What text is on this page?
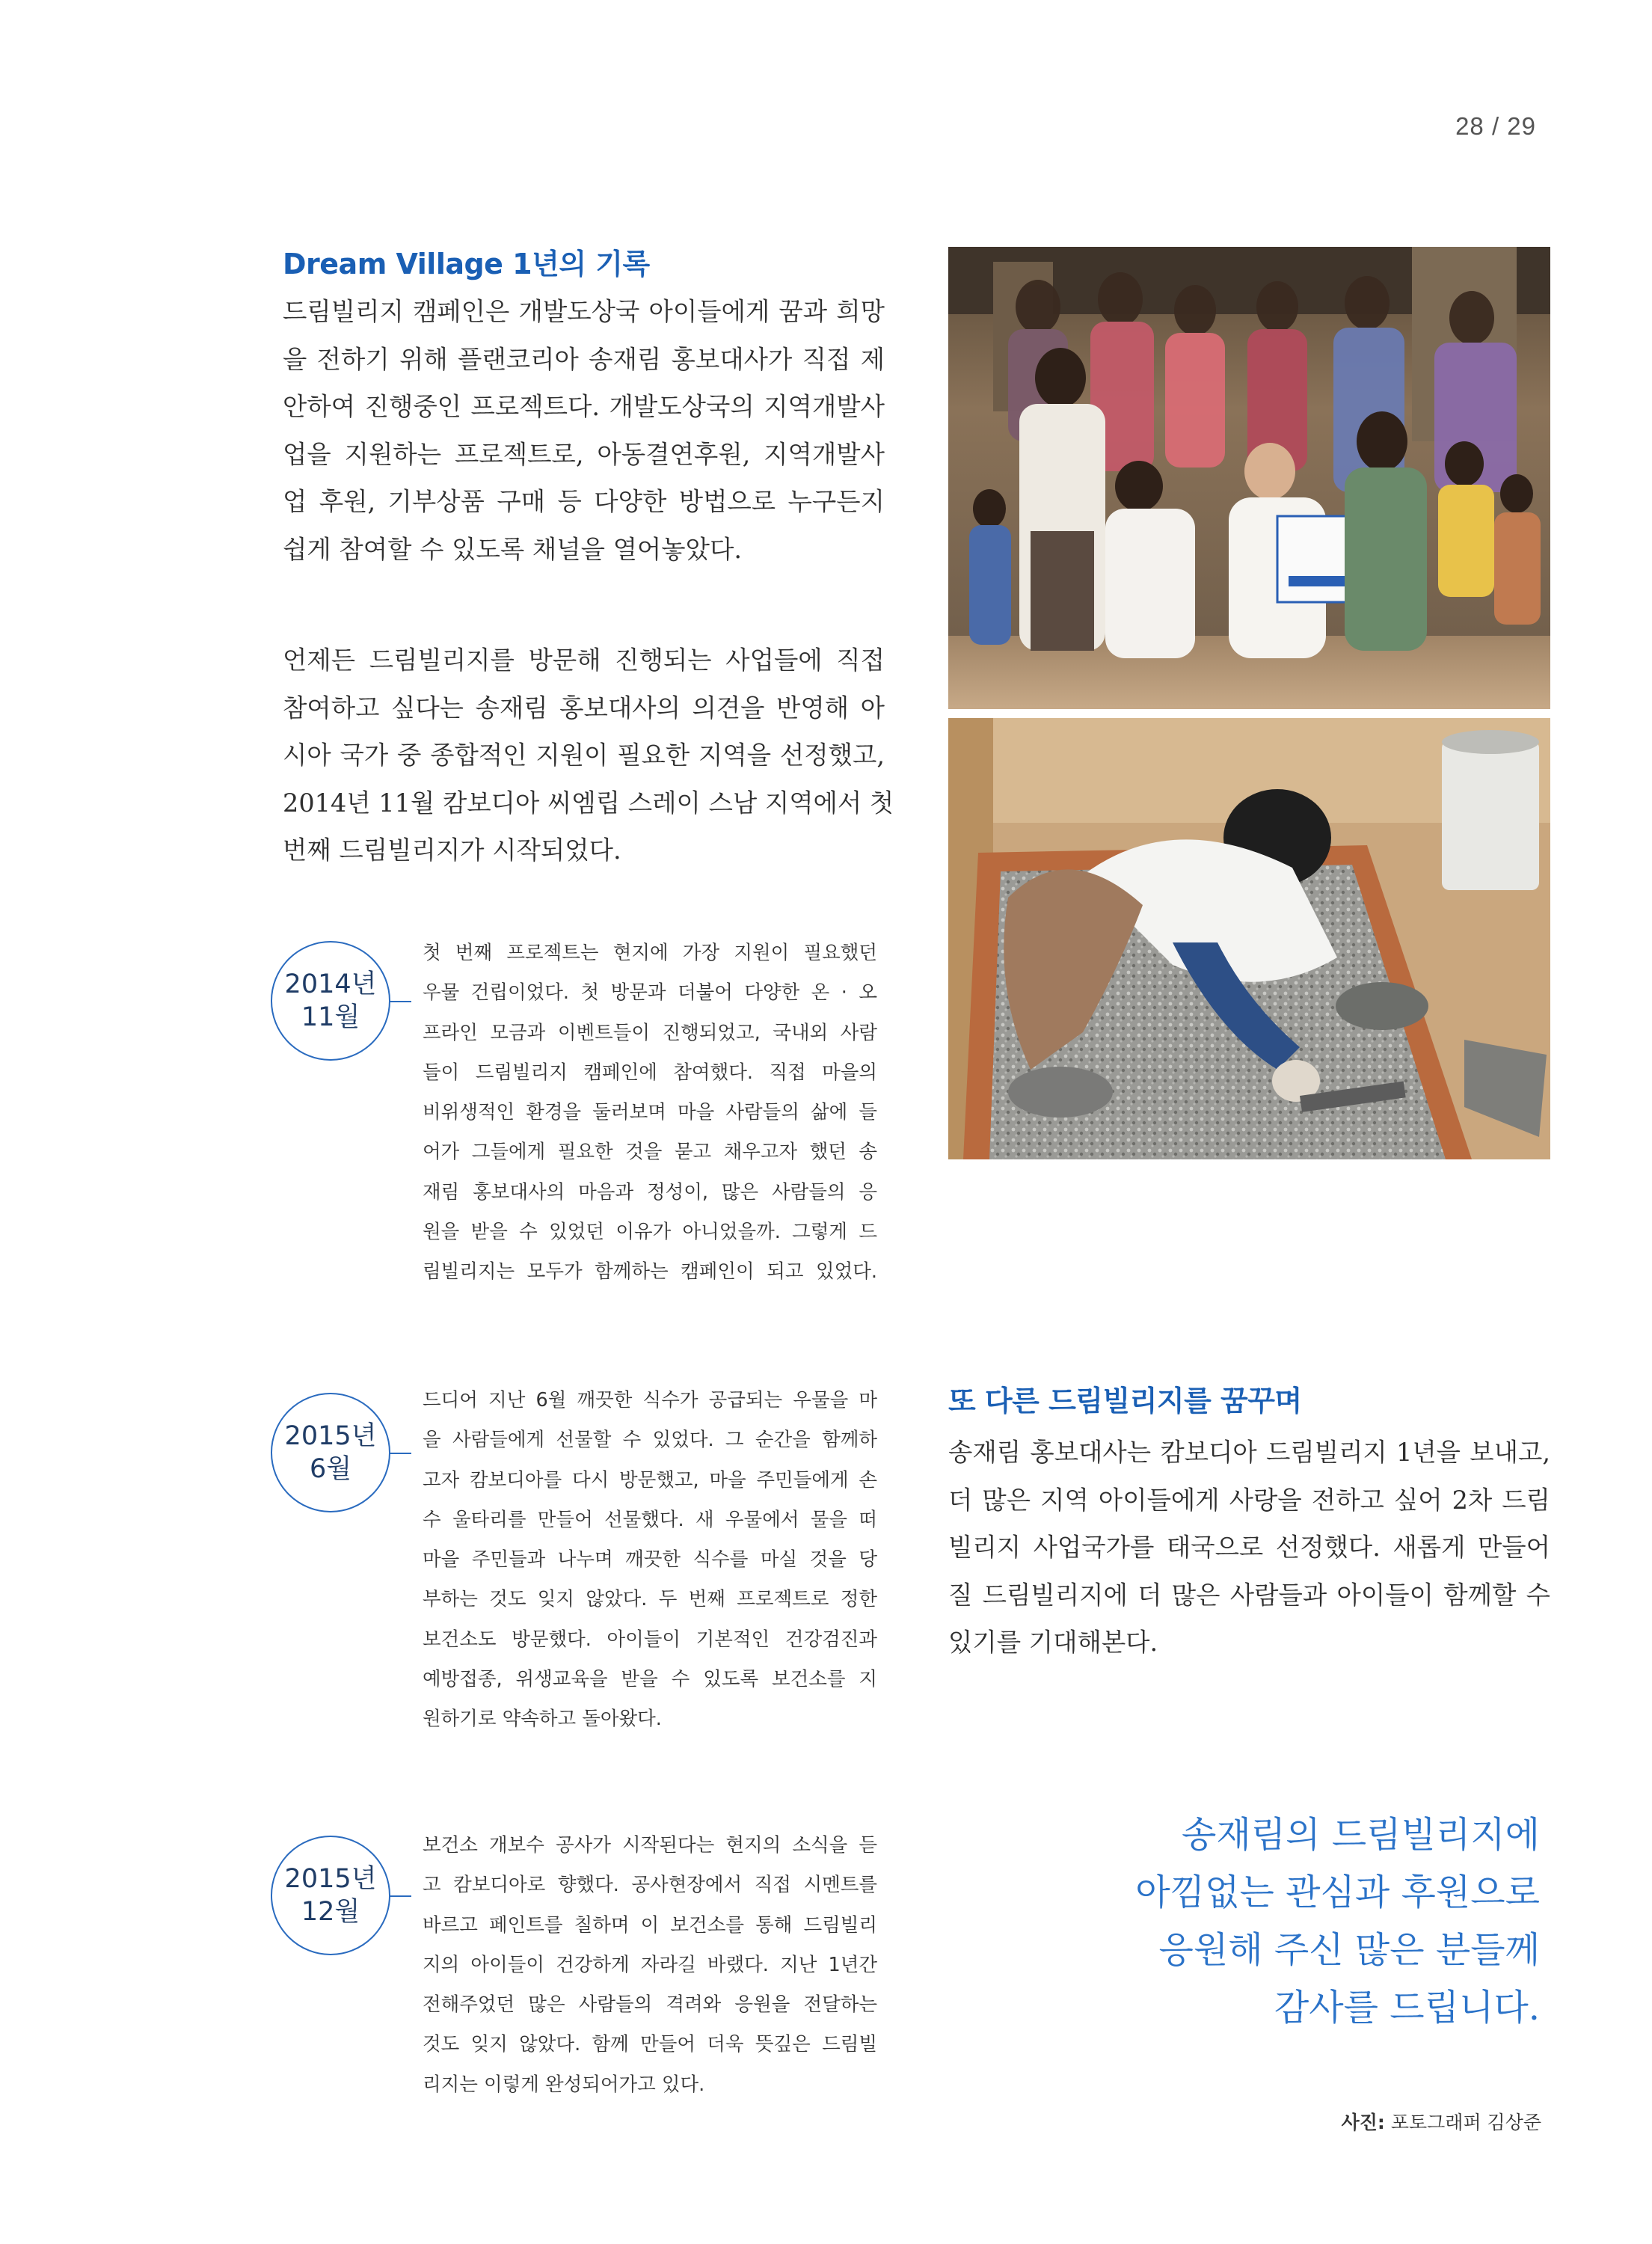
28 / 29
Dream Village 1년의 기록
드림빌리지 캠페인은 개발도상국 아이들에게 꿈과 희망
을 전하기 위해 플랜코리아 송재림 홍보대사가 직접 제
안하여 진행중인 프로젝트다. 개발도상국의 지역개발사
업을 지원하는 프로젝트로, 아동결연후원, 지역개발사
업 후원, 기부상품 구매 등 다양한 방법으로 누구든지
쉽게 참여할 수 있도록 채널을 열어놓았다.
언제든 드림빌리지를 방문해 진행되는 사업들에 직접
참여하고 싶다는 송재림 홍보대사의 의견을 반영해 아
시아 국가 중 종합적인 지원이 필요한 지역을 선정했고,
2014년 11월 캄보디아 씨엠립 스레이 스남 지역에서 첫
번째 드림빌리지가 시작되었다.
2014년
11월
첫 번째 프로젝트는 현지에 가장 지원이 필요했던
우물 건립이었다. 첫 방문과 더불어 다양한 온 · 오
프라인 모금과 이벤트들이 진행되었고, 국내외 사람
들이 드림빌리지 캠페인에 참여했다. 직접 마을의
비위생적인 환경을 둘러보며 마을 사람들의 삶에 들
어가 그들에게 필요한 것을 묻고 채우고자 했던 송
재림 홍보대사의 마음과 정성이, 많은 사람들의 응
원을 받을 수 있었던 이유가 아니었을까. 그렇게 드
림빌리지는 모두가 함께하는 캠페인이 되고 있었다.
2015년
6월
드디어 지난 6월 깨끗한 식수가 공급되는 우물을 마
을 사람들에게 선물할 수 있었다. 그 순간을 함께하
고자 캄보디아를 다시 방문했고, 마을 주민들에게 손
수 울타리를 만들어 선물했다. 새 우물에서 물을 떠
마을 주민들과 나누며 깨끗한 식수를 마실 것을 당
부하는 것도 잊지 않았다. 두 번째 프로젝트로 정한
보건소도 방문했다. 아이들이 기본적인 건강검진과
예방접종, 위생교육을 받을 수 있도록 보건소를 지
원하기로 약속하고 돌아왔다.
2015년
12월
보건소 개보수 공사가 시작된다는 현지의 소식을 듣
고 캄보디아로 향했다. 공사현장에서 직접 시멘트를
바르고 페인트를 칠하며 이 보건소를 통해 드림빌리
지의 아이들이 건강하게 자라길 바랬다. 지난 1년간
전해주었던 많은 사람들의 격려와 응원을 전달하는
것도 잊지 않았다. 함께 만들어 더욱 뜻깊은 드림빌
리지는 이렇게 완성되어가고 있다.
또 다른 드림빌리지를 꿈꾸며
송재림 홍보대사는 캄보디아 드림빌리지 1년을 보내고,
더 많은 지역 아이들에게 사랑을 전하고 싶어 2차 드림
빌리지 사업국가를 태국으로 선정했다. 새롭게 만들어
질 드림빌리지에 더 많은 사람들과 아이들이 함께할 수
있기를 기대해본다.
송재림의 드림빌리지에
아낌없는 관심과 후원으로
응원해 주신 많은 분들께
감사를 드립니다.
사진: 포토그래퍼 김상준
